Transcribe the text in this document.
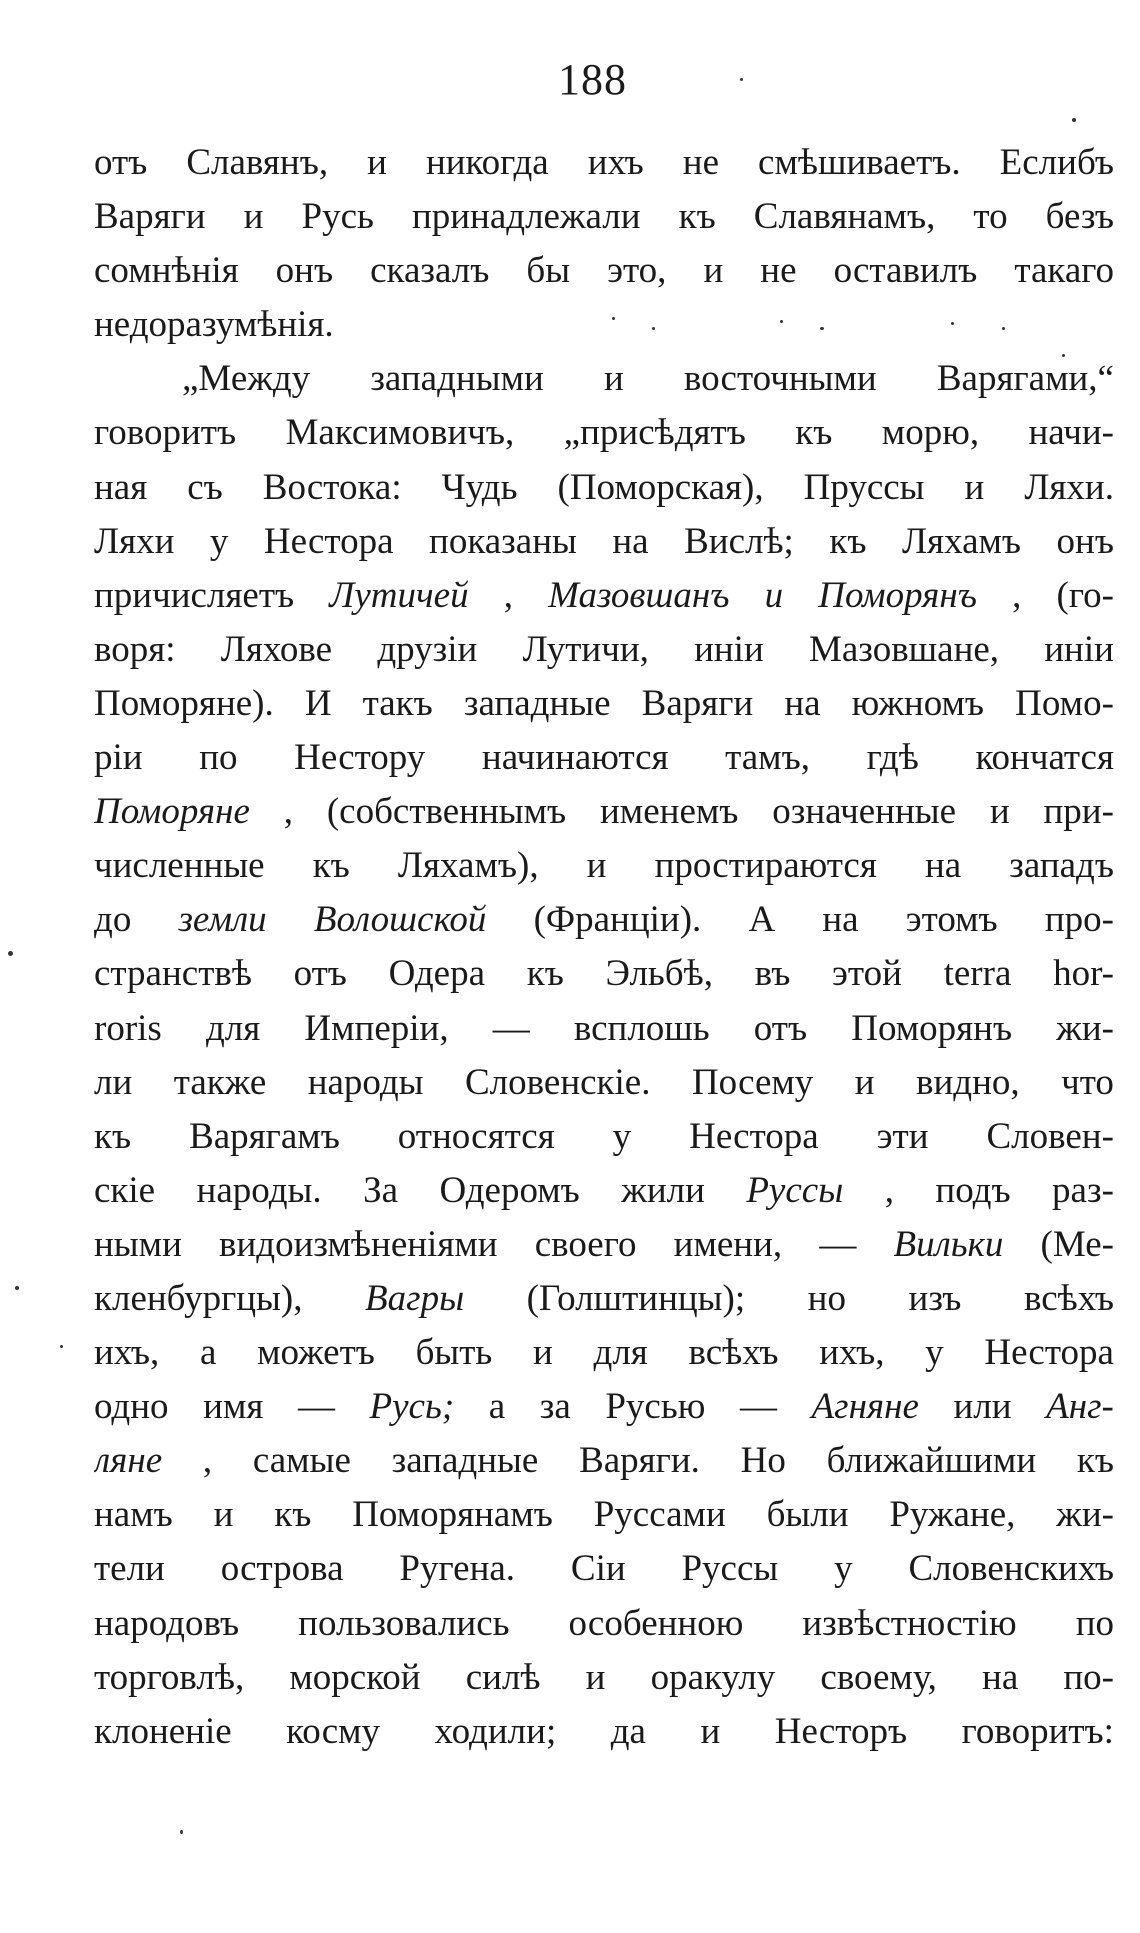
188
отъ Славянъ, и никогда ихъ не смѣшиваетъ. Еслибъ
Варяги и Русь принадлежали къ Славянамъ, то безъ
сомнѣнія онъ сказалъ бы это, и не оставилъ такаго
недоразумѣнія.
„Между западными и восточными Варягами,“
говоритъ Максимовичъ, „присѣдятъ къ морю, начи-
ная съ Востока: Чудь (Поморская), Пруссы и Ляхи.
Ляхи у Нестора показаны на Вислѣ; къ Ляхамъ онъ
причисляетъ Лутичей , Мазовшанъ и Поморянъ , (го-
воря: Ляхове друзіи Лутичи, иніи Мазовшане, иніи
Поморяне). И такъ западные Варяги на южномъ Помо-
ріи по Нестору начинаются тамъ, гдѣ кончатся
Поморяне , (собственнымъ именемъ означенные и при-
численные къ Ляхамъ), и простираются на западъ
до земли Волошской (Франціи). А на этомъ про-
странствѣ отъ Одера къ Эльбѣ, въ этой terra hor-
roris для Имперіи, — всплошь отъ Поморянъ жи-
ли также народы Словенскіе. Посему и видно, что
къ Варягамъ относятся у Нестора эти Словен-
скіе народы. За Одеромъ жили Руссы , подъ раз-
ными видоизмѣненіями своего имени, — Вильки (Ме-
кленбургцы), Вагры (Голштинцы); но изъ всѣхъ
ихъ, а можетъ быть и для всѣхъ ихъ, у Нестора
одно имя — Русь; а за Русью — Агняне или Анг-
ляне , самые западные Варяги. Но ближайшими къ
намъ и къ Поморянамъ Руссами были Ружане, жи-
тели острова Ругена. Сіи Руссы у Словенскихъ
народовъ пользовались особенною извѣстностію по
торговлѣ, морской силѣ и оракулу своему, на по-
клоненіе косму ходили; да и Несторъ говоритъ:
